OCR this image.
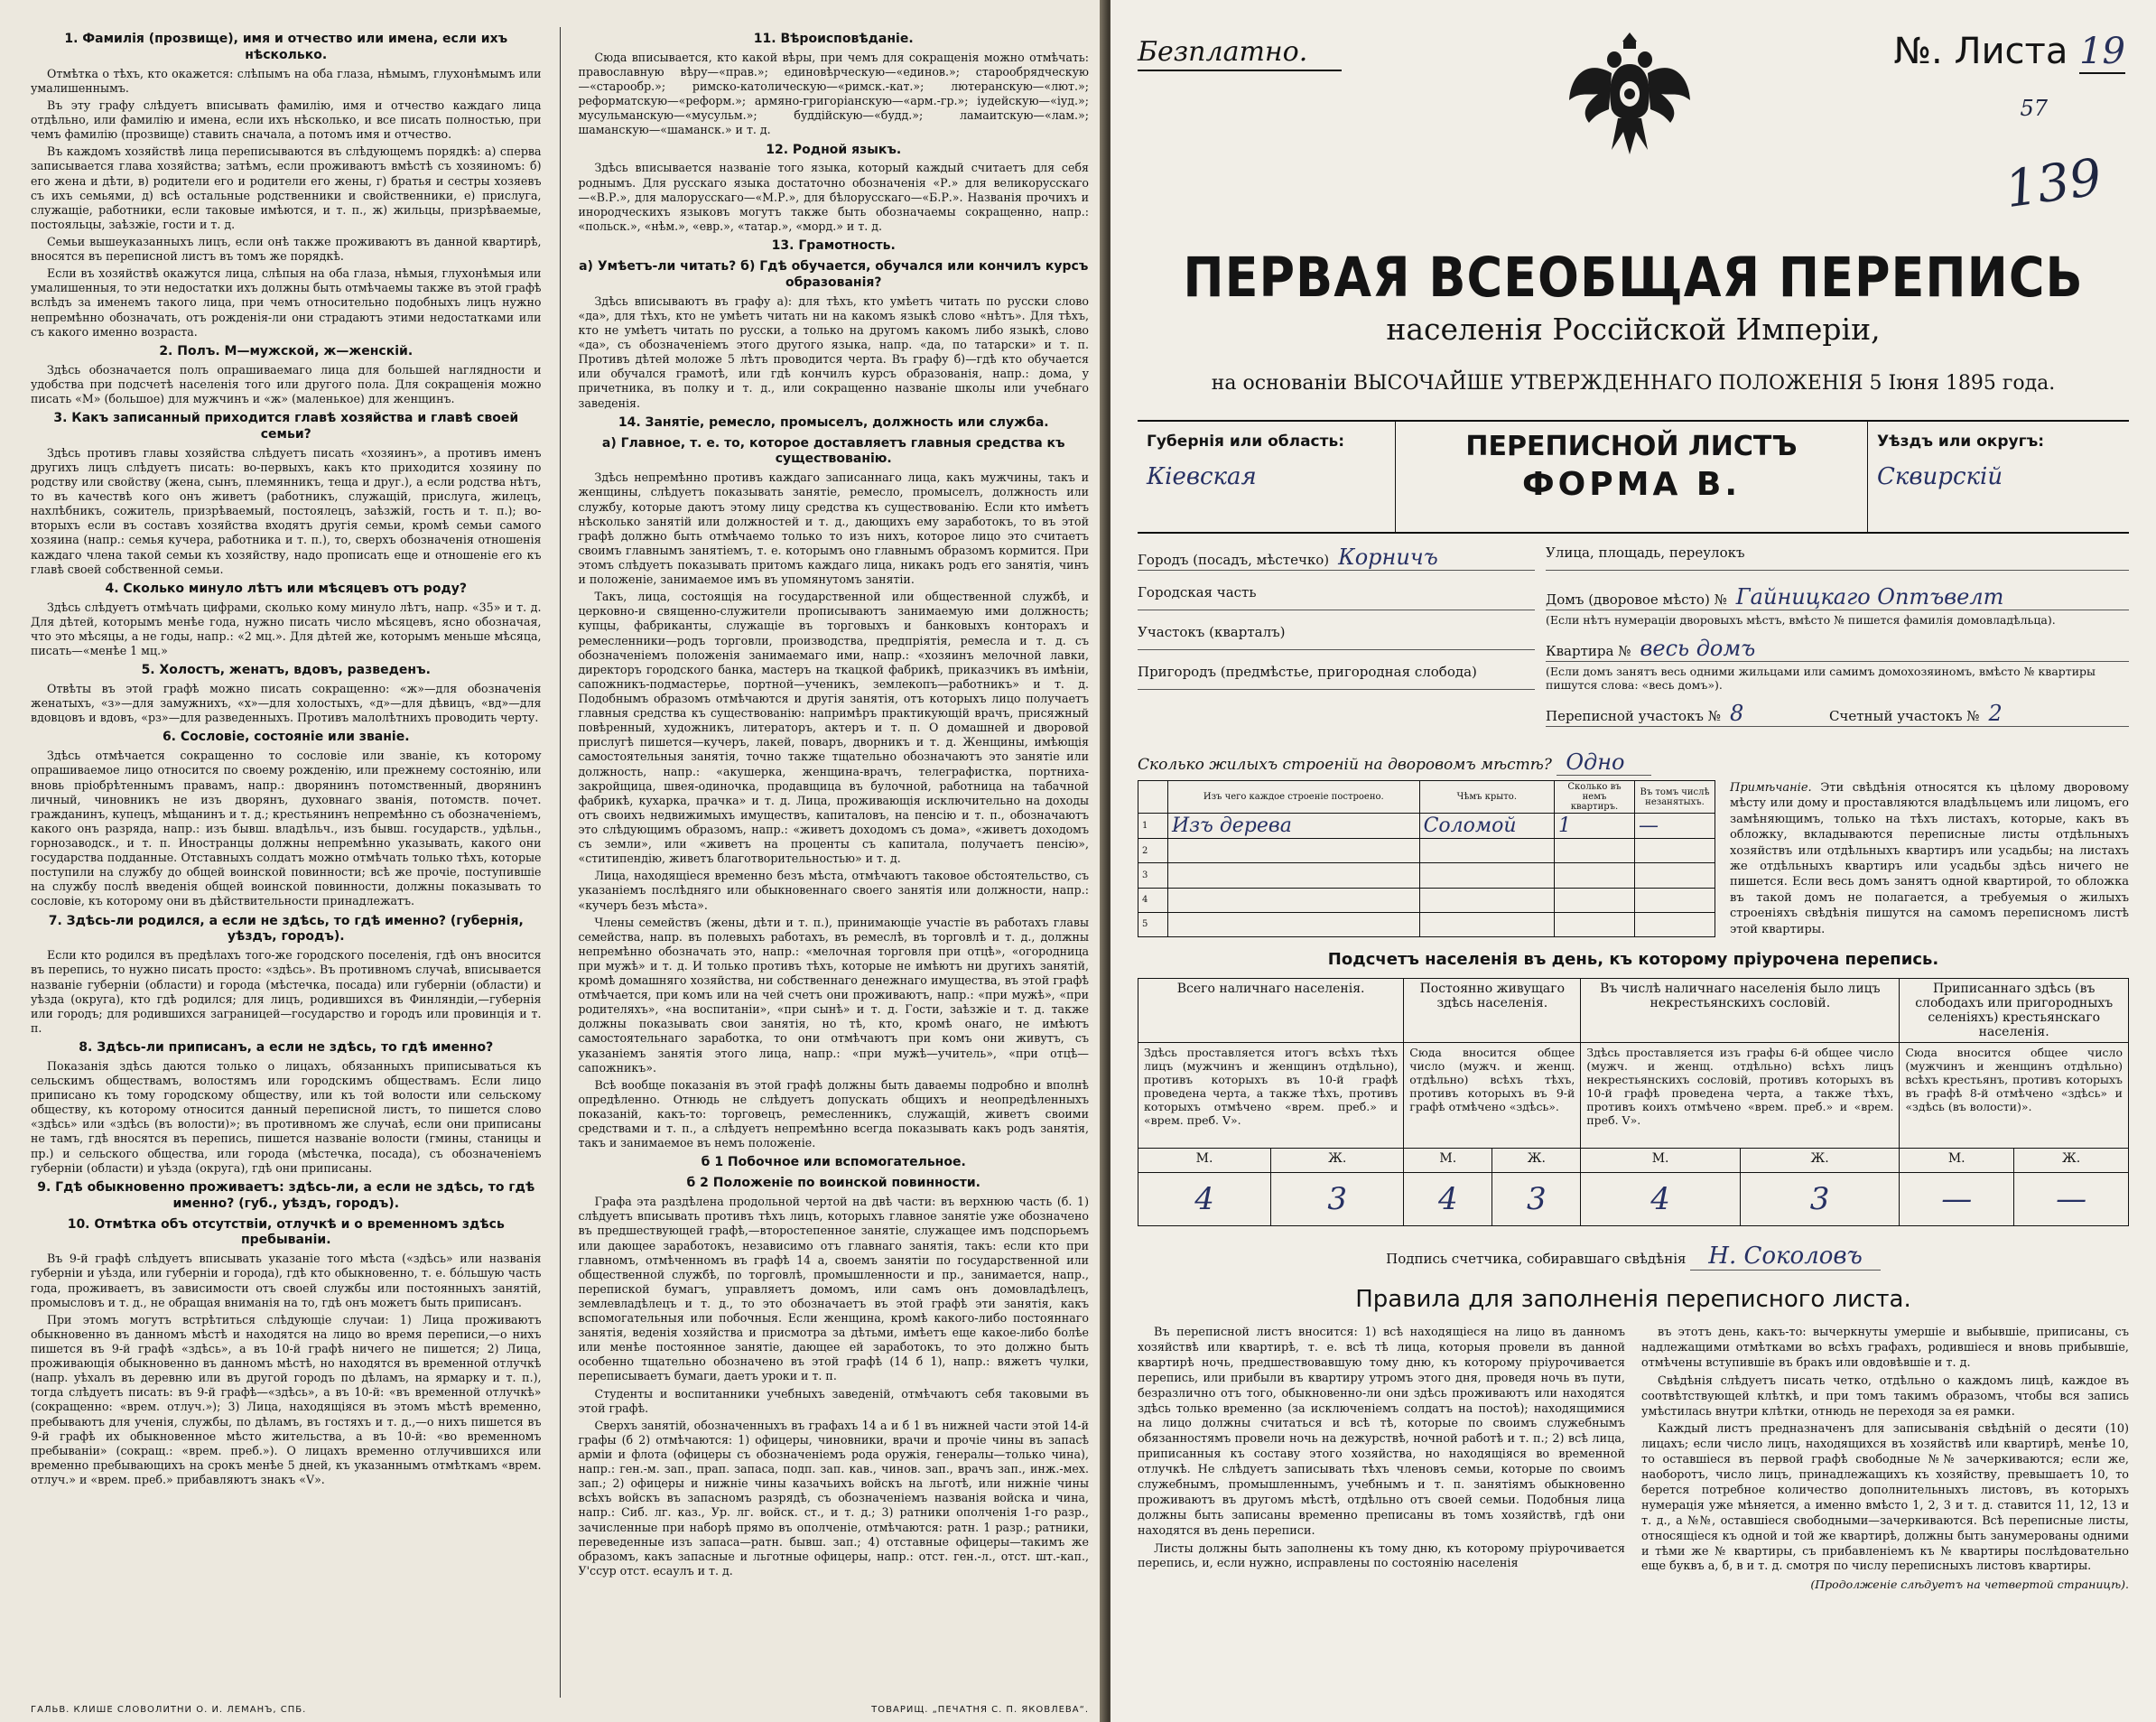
1. Фамилія (прозвище), имя и отчество или имена, если ихъ нѣсколько.

Отмѣтка о тѣхъ, кто окажется: слѣпымъ на оба глаза, нѣмымъ, глухонѣмымъ или умалишеннымъ.

Въ эту графу слѣдуетъ вписывать фамилію, имя и отчество каждаго лица отдѣльно, или фамилію и имена, если ихъ нѣсколько, и все писать полностью, при чемъ фамилію (прозвище) ставить сначала, а потомъ имя и отчество.

Въ каждомъ хозяйствѣ лица переписываются въ слѣдующемъ порядкѣ: а) сперва записывается глава хозяйства; затѣмъ, если проживаютъ вмѣстѣ съ хозяиномъ: б) его жена и дѣти, в) родители его и родители его жены, г) братья и сестры хозяевъ съ ихъ семьями, д) всѣ остальные родственники и свойственники, е) прислуга, служащіе, работники, если таковые имѣются, и т. п., ж) жильцы, призрѣваемые, постояльцы, заѣзжіе, гости и т. д.

Семьи вышеуказанныхъ лицъ, если онѣ также проживаютъ въ данной квартирѣ, вносятся въ переписной листъ въ томъ же порядкѣ.

Если въ хозяйствѣ окажутся лица, слѣпыя на оба глаза, нѣмыя, глухонѣмыя или умалишенныя, то эти недостатки ихъ должны быть отмѣчаемы также въ этой графѣ вслѣдъ за именемъ такого лица, при чемъ относительно подобныхъ лицъ нужно непремѣнно обозначать, отъ рожденія-ли они страдаютъ этими недостатками или съ какого именно возраста.

2. Полъ. М—мужской, ж—женскій.

Здѣсь обозначается полъ опрашиваемаго лица для большей наглядности и удобства при подсчетѣ населенія того или другого пола. Для сокращенія можно писать «М» (большое) для мужчинъ и «ж» (маленькое) для женщинъ.

3. Какъ записанный приходится главѣ хозяйства и главѣ своей семьи?

Здѣсь противъ главы хозяйства слѣдуетъ писать «хозяинъ», а противъ именъ другихъ лицъ слѣдуетъ писать: во-первыхъ, какъ кто приходится хозяину по родству или свойству (жена, сынъ, племянникъ, теща и друг.), а если родства нѣтъ, то въ качествѣ кого онъ живетъ (работникъ, служащій, прислуга, жилецъ, нахлѣбникъ, сожитель, призрѣваемый, постоялецъ, заѣзжій, гость и т. п.); во-вторыхъ если въ составъ хозяйства входятъ другія семьи, кромѣ семьи самого хозяина (напр.: семья кучера, работника и т. п.), то, сверхъ обозначенія отношенія каждаго члена такой семьи къ хозяйству, надо прописать еще и отношеніе его къ главѣ своей собственной семьи.

4. Сколько минуло лѣтъ или мѣсяцевъ отъ роду?

Здѣсь слѣдуетъ отмѣчать цифрами, сколько кому минуло лѣтъ, напр. «35» и т. д. Для дѣтей, которымъ менѣе года, нужно писать число мѣсяцевъ, ясно обозначая, что это мѣсяцы, а не годы, напр.: «2 мц.». Для дѣтей же, которымъ меньше мѣсяца, писать—«менѣе 1 мц.»

5. Холостъ, женатъ, вдовъ, разведенъ.

Отвѣты въ этой графѣ можно писать сокращенно: «ж»—для обозначенія женатыхъ, «з»—для замужнихъ, «х»—для холостыхъ, «д»—для дѣвицъ, «вд»—для вдовцовъ и вдовъ, «рз»—для разведенныхъ. Противъ малолѣтнихъ проводить черту.

6. Сословіе, состояніе или званіе.

Здѣсь отмѣчается сокращенно то сословіе или званіе, къ которому опрашиваемое лицо относится по своему рожденію, или прежнему состоянію, или вновь пріобрѣтеннымъ правамъ, напр.: дворянинъ потомственный, дворянинъ личный, чиновникъ не изъ дворянъ, духовнаго званія, потомств. почет. гражданинъ, купецъ, мѣщанинъ и т. д.; крестьянинъ непремѣнно съ обозначеніемъ, какого онъ разряда, напр.: изъ бывш. владѣльч., изъ бывш. государств., удѣльн., горнозаводск., и т. п. Иностранцы должны непремѣнно указывать, какого они государства подданные. Отставныхъ солдатъ можно отмѣчать только тѣхъ, которые поступили на службу до общей воинской повинности; всѣ же прочіе, поступившіе на службу послѣ введенія общей воинской повинности, должны показывать то сословіе, къ которому они въ дѣйствительности принадлежатъ.

7. Здѣсь-ли родился, а если не здѣсь, то гдѣ именно? (губернія, уѣздъ, городъ).

Если кто родился въ предѣлахъ того-же городского поселенія, гдѣ онъ вносится въ перепись, то нужно писать просто: «здѣсь». Въ противномъ случаѣ, вписывается названіе губерніи (области) и города (мѣстечка, посада) или губерніи (области) и уѣзда (округа), кто гдѣ родился; для лицъ, родившихся въ Финляндіи,—губернія или городъ; для родившихся заграницей—государство и городъ или провинція и т. п.

8. Здѣсь-ли приписанъ, а если не здѣсь, то гдѣ именно?

Показанія здѣсь даются только о лицахъ, обязанныхъ приписываться къ сельскимъ обществамъ, волостямъ или городскимъ обществамъ. Если лицо приписано къ тому городскому обществу, или къ той волости или сельскому обществу, къ которому относится данный переписной листъ, то пишется слово «здѣсь» или «здѣсь (въ волости)»; въ противномъ же случаѣ, если они приписаны не тамъ, гдѣ вносятся въ перепись, пишется названіе волости (гмины, станицы и пр.) и сельского общества, или города (мѣстечка, посада), съ обозначеніемъ губерніи (области) и уѣзда (округа), гдѣ они приписаны.

9. Гдѣ обыкновенно проживаетъ: здѣсь-ли, а если не здѣсь, то гдѣ именно? (губ., уѣздъ, городъ).
10. Отмѣтка объ отсутствіи, отлучкѣ и о временномъ здѣсь пребываніи.

Въ 9-й графѣ слѣдуетъ вписывать указаніе того мѣста («здѣсь» или названія губерніи и уѣзда, или губерніи и города), гдѣ кто обыкновенно, т. е. бóльшую часть года, проживаетъ, въ зависимости отъ своей службы или постоянныхъ занятій, промысловъ и т. д., не обращая вниманія на то, гдѣ онъ можетъ быть приписанъ.

При этомъ могутъ встрѣтиться слѣдующіе случаи: 1) Лица проживаютъ обыкновенно въ данномъ мѣстѣ и находятся на лицо во время переписи,—о нихъ пишется въ 9-й графѣ «здѣсь», а въ 10-й графѣ ничего не пишется; 2) Лица, проживающія обыкновенно въ данномъ мѣстѣ, но находятся въ временной отлучкѣ (напр. уѣхалъ въ деревню или въ другой городъ по дѣламъ, на ярмарку и т. п.), тогда слѣдуетъ писать: въ 9-й графѣ—«здѣсь», а въ 10-й: «въ временной отлучкѣ» (сокращенно: «врем. отлуч.»); 3) Лица, находящіяся въ этомъ мѣстѣ временно, пребываютъ для ученія, службы, по дѣламъ, въ гостяхъ и т. д.,—о нихъ пишется въ 9-й графѣ их обыкновенное мѣсто жительства, а въ 10-й: «во временномъ пребываніи» (сокращ.: «врем. преб.»). О лицахъ временно отлучившихся или временно пребывающихъ на срокъ менѣе 5 дней, къ указаннымъ отмѣткамъ «врем. отлуч.» и «врем. преб.» прибавляютъ знакъ «V».

11. Вѣроисповѣданіе.

Сюда вписывается, кто какой вѣры, при чемъ для сокращенія можно отмѣчать: православную вѣру—«прав.»; единовѣрческую—«единов.»; старообрядческую—«старообр.»; римско-католическую—«римск.-кат.»; лютеранскую—«лют.»; реформатскую—«реформ.»; армяно-григоріанскую—«арм.-гр.»; іудейскую—«іуд.»; мусульманскую—«мусульм.»; буддійскую—«будд.»; ламаитскую—«лам.»; шаманскую—«шаманск.» и т. д.

12. Родной языкъ.

Здѣсь вписывается названіе того языка, который каждый считаетъ для себя роднымъ. Для русскаго языка достаточно обозначенія «Р.» для великорусскаго—«В.Р.», для малорусскаго—«М.Р.», для бѣлорусскаго—«Б.Р.». Названія прочихъ и инородческихъ языковъ могутъ также быть обозначаемы сокращенно, напр.: «польск.», «нѣм.», «евр.», «татар.», «морд.» и т. д.

13. Грамотность.
а) Умѣетъ-ли читать? б) Гдѣ обучается, обучался или кончилъ курсъ образованія?

Здѣсь вписываютъ въ графу а): для тѣхъ, кто умѣетъ читать по русски слово «да», для тѣхъ, кто не умѣетъ читать ни на какомъ языкѣ слово «нѣтъ». Для тѣхъ, кто не умѣетъ читать по русски, а только на другомъ какомъ либо языкѣ, слово «да», съ обозначеніемъ этого другого языка, напр. «да, по татарски» и т. п. Противъ дѣтей моложе 5 лѣтъ проводится черта. Въ графу б)—гдѣ кто обучается или обучался грамотѣ, или гдѣ кончилъ курсъ образованія, напр.: дома, у причетника, въ полку и т. д., или сокращенно названіе школы или учебнаго заведенія.

14. Занятіе, ремесло, промыселъ, должность или служба.
а) Главное, т. е. то, которое доставляетъ главныя средства къ существованію.

Здѣсь непремѣнно противъ каждаго записаннаго лица, какъ мужчины, такъ и женщины, слѣдуетъ показывать занятіе, ремесло, промыселъ, должность или службу, которые даютъ этому лицу средства къ существованію. Если кто имѣетъ нѣсколько занятій или должностей и т. д., дающихъ ему заработокъ, то въ этой графѣ должно быть отмѣчаемо только то изъ нихъ, которое лицо это считаетъ своимъ главнымъ занятіемъ, т. е. которымъ оно главнымъ образомъ кормится. При этомъ слѣдуетъ показывать притомъ каждаго лица, никакъ родъ его занятія, чинъ и положеніе, занимаемое имъ въ упомянутомъ занятіи.

Такъ, лица, состоящія на государственной или общественной службѣ, и церковно-и священно-служители прописываютъ занимаемую ими должность; купцы, фабриканты, служащіе въ торговыхъ и банковыхъ конторахъ и ремесленники—родъ торговли, производства, предпріятія, ремесла и т. д. съ обозначеніемъ положенія занимаемаго ими, напр.: «хозяинъ мелочной лавки, директоръ городского банка, мастеръ на ткацкой фабрикѣ, приказчикъ въ имѣніи, сапожникъ-подмастерье, портной—ученикъ, землекопъ—работникъ» и т. д. Подобнымъ образомъ отмѣчаются и другія занятія, отъ которыхъ лицо получаетъ главныя средства къ существованію: напримѣръ практикующій врачъ, присяжный повѣренный, художникъ, литераторъ, актеръ и т. п. О домашней и дворовой прислугѣ пишется—кучеръ, лакей, поваръ, дворникъ и т. д. Женщины, имѣющія самостоятельныя занятія, точно также тщательно обозначаютъ это занятіе или должность, напр.: «акушерка, женщина-врачъ, телеграфистка, портниха-закройщица, швея-одиночка, продавщица въ булочной, работница на табачной фабрикѣ, кухарка, прачка» и т. д. Лица, проживающія исключительно на доходы отъ своихъ недвижимыхъ имуществъ, капиталовъ, на пенсію и т. п., обозначаютъ это слѣдующимъ образомъ, напр.: «живетъ доходомъ съ дома», «живетъ доходомъ съ земли», или «живетъ на проценты съ капитала, получаетъ пенсію», «ститипендію, живетъ благотворительностью» и т. д.

Лица, находящіеся временно безъ мѣста, отмѣчаютъ таковое обстоятельство, съ указаніемъ послѣдняго или обыкновеннаго своего занятія или должности, напр.: «кучеръ безъ мѣста».

Члены семействъ (жены, дѣти и т. п.), принимающіе участіе въ работахъ главы семейства, напр. въ полевыхъ работахъ, въ ремеслѣ, въ торговлѣ и т. д., должны непремѣнно обозначать это, напр.: «мелочная торговля при отцѣ», «огородница при мужѣ» и т. д. И только противъ тѣхъ, которые не имѣютъ ни другихъ занятій, кромѣ домашняго хозяйства, ни собственнаго денежнаго имущества, въ этой графѣ отмѣчается, при комъ или на чей счетъ они проживаютъ, напр.: «при мужѣ», «при родителяхъ», «на воспитаніи», «при сынѣ» и т. д. Гости, заѣзжіе и т. д. также должны показывать свои занятія, но тѣ, кто, кромѣ онаго, не имѣютъ самостоятельнаго заработка, то они отмѣчаютъ при комъ они живутъ, съ указаніемъ занятія этого лица, напр.: «при мужѣ—учитель», «при отцѣ—сапожникъ».

Всѣ вообще показанія въ этой графѣ должны быть даваемы подробно и вполнѣ опредѣленно. Отнюдь не слѣдуетъ допускать общихъ и неопредѣленныхъ показаній, какъ-то: торговецъ, ремесленникъ, служащій, живетъ своими средствами и т. п., а слѣдуетъ непремѣнно всегда показывать какъ родъ занятія, такъ и занимаемое въ немъ положеніе.

б 1 Побочное или вспомогательное.
б 2 Положеніе по воинской повинности.

Графа эта раздѣлена продольной чертой на двѣ части: въ верхнюю часть (б. 1) слѣдуетъ вписывать противъ тѣхъ лицъ, которыхъ главное занятіе уже обозначено въ предшествующей графѣ,—второстепенное занятіе, служащее имъ подспорьемъ или дающее заработокъ, независимо отъ главнаго занятія, такъ: если кто при главномъ, отмѣченномъ въ графѣ 14 а, своемъ занятіи по государственной или общественной службѣ, по торговлѣ, промышленности и пр., занимается, напр., перепиской бумагъ, управляетъ домомъ, или самъ онъ домовладѣлецъ, землевладѣлецъ и т. д., то это обозначаетъ въ этой графѣ эти занятія, какъ вспомогательныя или побочныя. Если женщина, кромѣ какого-либо постояннаго занятія, веденія хозяйства и присмотра за дѣтьми, имѣетъ еще какое-либо болѣе или менѣе постоянное занятіе, дающее ей заработокъ, то это должно быть особенно тщательно обозначено въ этой графѣ (14 б 1), напр.: вяжетъ чулки, переписываетъ бумаги, даетъ уроки и т. п.

Студенты и воспитанники учебныхъ заведеній, отмѣчаютъ себя таковыми въ этой графѣ.

Сверхъ занятій, обозначенныхъ въ графахъ 14 а и б 1 въ нижней части этой 14-й графы (б 2) отмѣчаются: 1) офицеры, чиновники, врачи и прочіе чины въ запасѣ арміи и флота (офицеры съ обозначеніемъ рода оружія, генералы—только чина), напр.: ген.-м. зап., прап. запаса, подп. зап. кав., чинов. зап., врачъ зап., инж.-мех. зап.; 2) офицеры и нижніе чины казачьихъ войскъ на льготѣ, или нижніе чины всѣхъ войскъ въ запасномъ разрядѣ, съ обозначеніемъ названія войска и чина, напр.: Сиб. лг. каз., Ур. лг. войск. ст., и т. д.; 3) ратники ополченія 1-го разр., зачисленные при наборѣ прямо въ ополченіе, отмѣчаются: ратн. 1 разр.; ратники, переведенные изъ запаса—ратн. бывш. зап.; 4) отставные офицеры—такимъ же образомъ, какъ запасные и льготные офицеры, напр.: отст. ген.-л., отст. шт.-кап., У'ссур отст. есаулъ и т. д.

ГАЛЬВ. КЛИШЕ СЛОВОЛИТНИ О. И. ЛЕМАНЪ, СПБ.	ТОВАРИЩ. „ПЕЧАТНЯ С. П. ЯКОВЛЕВА“.
Безплатно.	№. Листа 19
57
139
ПЕРВАЯ ВСЕОБЩАЯ ПЕРЕПИСЬ
населенія Россійской Имперіи,
на основаніи ВЫСОЧАЙШЕ УТВЕРЖДЕННАГО ПОЛОЖЕНІЯ 5 Іюня 1895 года.
Губернія или область:
Кіевская
ПЕРЕПИСНОЙ ЛИСТЪ
ФОРМА В.
Уѣздъ или округъ:
Сквирскій
Городъ (посадъ, мѣстечко) Корничъ
Городская часть
Участокъ (кварталъ)
Пригородъ (предмѣстье, пригородная слобода)
Улица, площадь, переулокъ
Домъ (дворовое мѣсто) № Гайницкаго Оптъвелт
(Если нѣтъ нумераціи дворовыхъ мѣстъ, вмѣсто № пишется фамилія домовладѣльца).
Квартира № весь домъ
(Если домъ занятъ весь одними жильцами или самимъ домохозяиномъ, вмѣсто № квартиры пишутся слова: «весь домъ»).
Переписной участокъ № 8	Счетный участокъ № 2
Сколько жилыхъ строеній на дворовомъ мѣстѣ? Одно
	Изъ чего каждое строеніе построено.	Чѣмъ крыто.	Сколько въ немъ квартиръ.	Въ томъ числѣ незанятыхъ.
1	Изъ дерева	Соломой	1	—
2				
3				
4				
5				
Примѣчаніе. Эти свѣдѣнія относятся къ цѣлому дворовому мѣсту или дому и проставляются владѣльцемъ или лицомъ, его замѣняющимъ, только на тѣхъ листахъ, которые, какъ въ обложку, вкладываются переписные листы отдѣльныхъ хозяйствъ или отдѣльныхъ квартиръ или усадьбы; на листахъ же отдѣльныхъ квартиръ или усадьбы здѣсь ничего не пишется. Если весь домъ занятъ одной квартирой, то обложка въ такой домъ не полагается, а требуемыя о жилыхъ строеніяхъ свѣдѣнія пишутся на самомъ переписномъ листѣ этой квартиры.
Подсчетъ населенія въ день, къ которому пріурочена перепись.
Всего наличнаго населенія.		Постоянно живущаго здѣсь населенія.		Въ числѣ наличнаго населенія было лицъ некрестьянскихъ сословій.		Приписаннаго здѣсь (въ слободахъ или пригородныхъ селеніяхъ) крестьянскаго населенія.	
Здѣсь проставляется итогъ всѣхъ тѣхъ лицъ (мужчинъ и женщинъ отдѣльно), противъ которыхъ въ 10-й графѣ проведена черта, а также тѣхъ, противъ которыхъ отмѣчено «врем. преб.» и «врем. преб. V».		Сюда вносится общее число (мужч. и женщ. отдѣльно) всѣхъ тѣхъ, противъ которыхъ въ 9-й графѣ отмѣчено «здѣсь».		Здѣсь проставляется изъ графы 6-й общее число (мужч. и женщ. отдѣльно) всѣхъ лицъ некрестьянскихъ сословій, противъ которыхъ въ 10-й графѣ проведена черта, а также тѣхъ, противъ коихъ отмѣчено «врем. преб.» и «врем. преб. V».		Сюда вносится общее число (мужчинъ и женщинъ отдѣльно) всѣхъ крестьянъ, противъ которыхъ въ графѣ 8-й отмѣчено «здѣсь» и «здѣсь (въ волости)».	
М.	Ж.	М.	Ж.	М.	Ж.	М.	Ж.
4	3	4	3	4	3	—	—
Подпись счетчика, собиравшаго свѣдѣнія Н. Соколовъ
Правила для заполненія переписного листа.

Въ переписной листъ вносится: 1) всѣ находящіеся на лицо въ данномъ хозяйствѣ или квартирѣ, т. е. всѣ тѣ лица, которыя провели въ данной квартирѣ ночь, предшествовавшую тому дню, къ которому пріурочивается перепись, или прибыли въ квартиру утромъ этого дня, проведя ночь въ пути, безразлично отъ того, обыкновенно-ли они здѣсь проживаютъ или находятся здѣсь только временно (за исключеніемъ солдатъ на постоѣ); находящимися на лицо должны считаться и всѣ тѣ, которые по своимъ служебнымъ обязанностямъ провели ночь на дежурствѣ, ночной работѣ и т. п.; 2) всѣ лица, приписанныя къ составу этого хозяйства, но находящіяся во временной отлучкѣ. Не слѣдуетъ записывать тѣхъ членовъ семьи, которые по своимъ служебнымъ, промышленнымъ, учебнымъ и т. п. занятіямъ обыкновенно проживаютъ въ другомъ мѣстѣ, отдѣльно отъ своей семьи. Подобныя лица должны быть записаны временно преписаны въ томъ хозяйствѣ, гдѣ они находятся въ день переписи.

Листы должны быть заполнены къ тому дню, къ которому пріурочивается перепись, и, если нужно, исправлены по состоянію населенія

въ этотъ день, какъ-то: вычеркнуты умершіе и выбывшіе, приписаны, съ надлежащими отмѣтками во всѣхъ графахъ, родившіеся и вновь прибывшіе, отмѣчены вступившіе въ бракъ или овдовѣвшіе и т. д.

Свѣдѣнія слѣдуетъ писать четко, отдѣльно о каждомъ лицѣ, каждое въ соотвѣтствующей клѣткѣ, и при томъ такимъ образомъ, чтобы вся запись умѣстилась внутри клѣтки, отнюдь не переходя за ея рамки.

Каждый листъ предназначенъ для записыванія свѣдѣній о десяти (10) лицахъ; если число лицъ, находящихся въ хозяйствѣ или квартирѣ, менѣе 10, то оставшіеся въ первой графѣ свободные №№ зачеркиваются; если же, наоборотъ, число лицъ, принадлежащихъ къ хозяйству, превышаетъ 10, то берется потребное количество дополнительныхъ листовъ, въ которыхъ нумерація уже мѣняется, а именно вмѣсто 1, 2, 3 и т. д. ставится 11, 12, 13 и т. д., а №№, оставшіеся свободными—зачеркиваются. Всѣ переписные листы, относящіеся къ одной и той же квартирѣ, должны быть занумерованы одними и тѣми же № квартиры, съ прибавленіемъ къ № квартиры послѣдовательно еще буквъ а, б, в и т. д. смотря по числу переписныхъ листовъ квартиры.

(Продолженіе слѣдуетъ на четвертой страницѣ).
